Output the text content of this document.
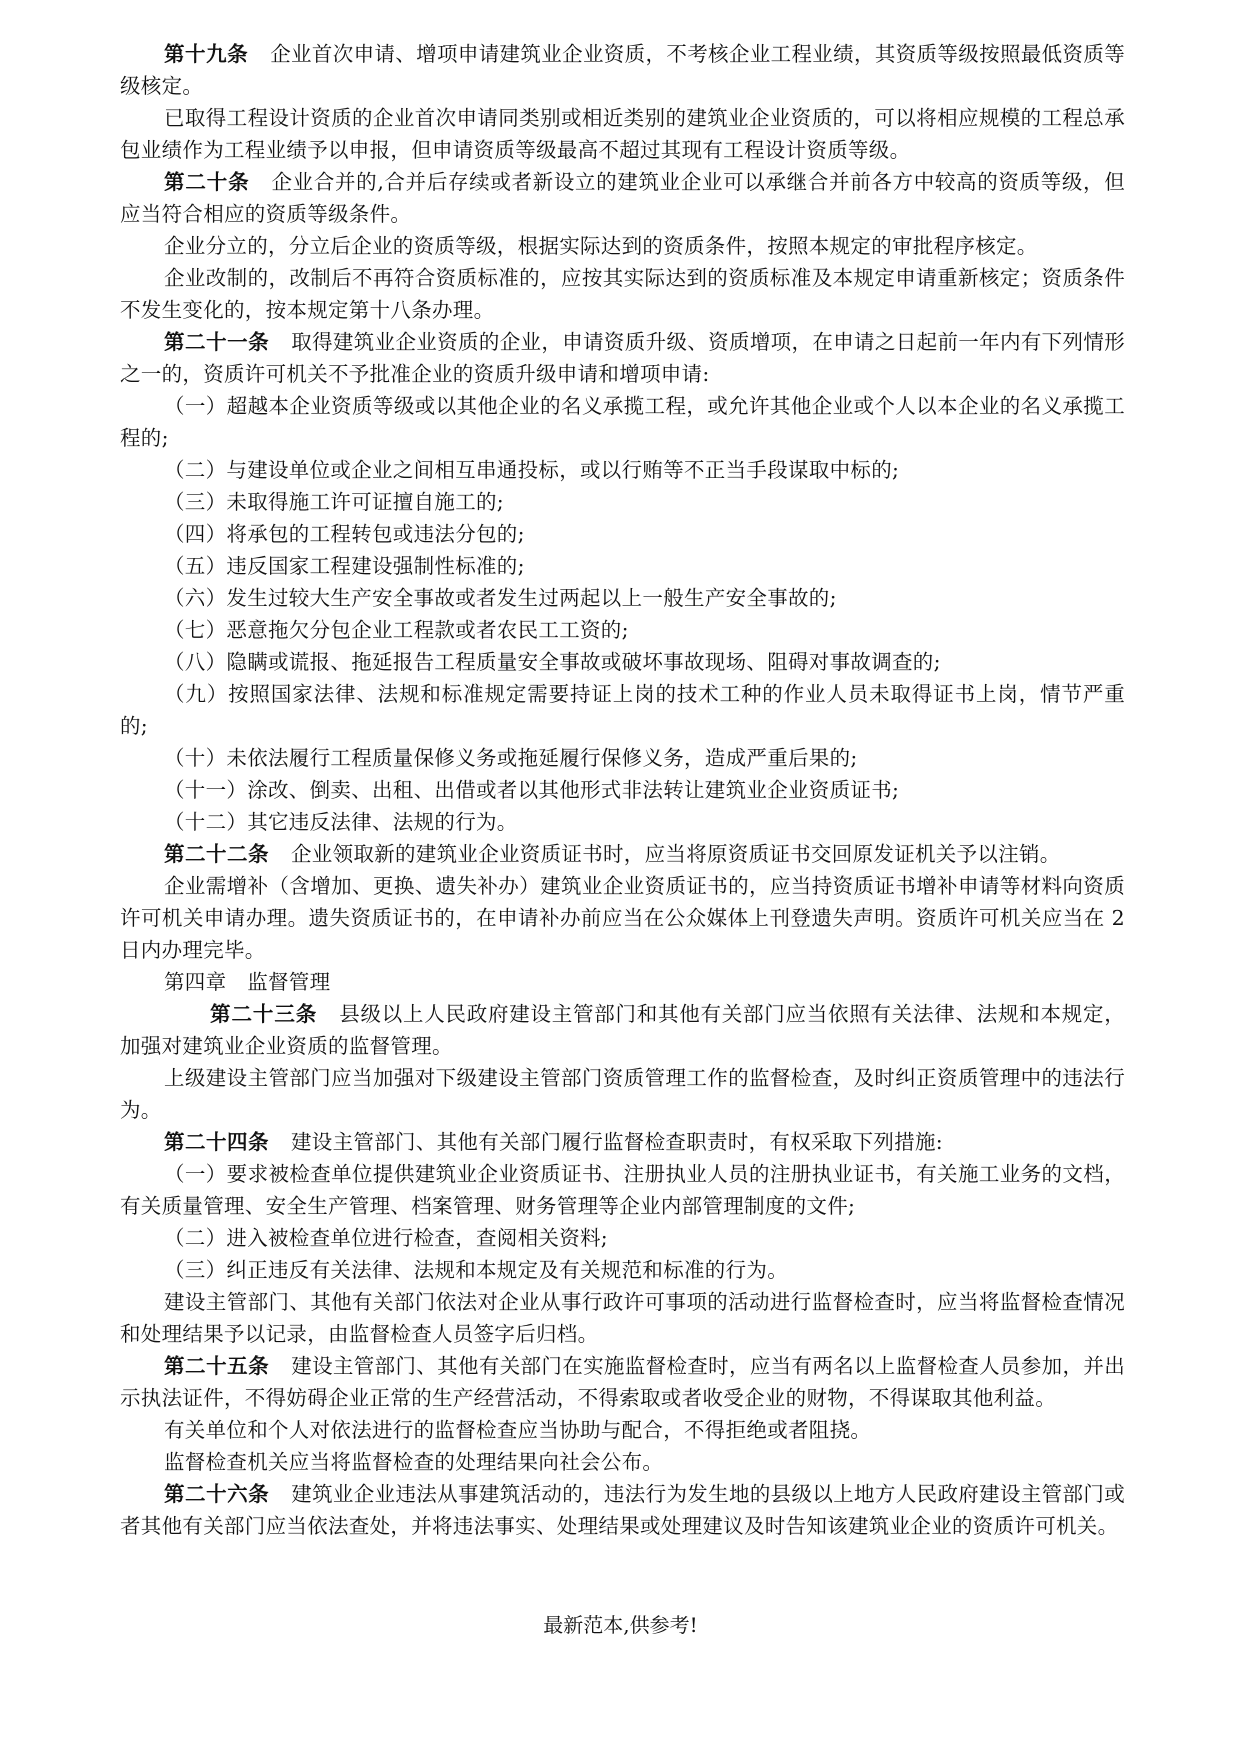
第十九条 企业首次申请、增项申请建筑业企业资质，不考核企业工程业绩，其资质等级按照最低资质等级核定。

已取得工程设计资质的企业首次申请同类别或相近类别的建筑业企业资质的，可以将相应规模的工程总承包业绩作为工程业绩予以申报，但申请资质等级最高不超过其现有工程设计资质等级。

第二十条 企业合并的,合并后存续或者新设立的建筑业企业可以承继合并前各方中较高的资质等级，但应当符合相应的资质等级条件。

企业分立的，分立后企业的资质等级，根据实际达到的资质条件，按照本规定的审批程序核定。

企业改制的，改制后不再符合资质标准的，应按其实际达到的资质标准及本规定申请重新核定；资质条件不发生变化的，按本规定第十八条办理。

第二十一条 取得建筑业企业资质的企业，申请资质升级、资质增项，在申请之日起前一年内有下列情形之一的，资质许可机关不予批准企业的资质升级申请和增项申请:

（一）超越本企业资质等级或以其他企业的名义承揽工程，或允许其他企业或个人以本企业的名义承揽工程的;

（二）与建设单位或企业之间相互串通投标，或以行贿等不正当手段谋取中标的;

（三）未取得施工许可证擅自施工的;

（四）将承包的工程转包或违法分包的;

（五）违反国家工程建设强制性标准的;

（六）发生过较大生产安全事故或者发生过两起以上一般生产安全事故的;

（七）恶意拖欠分包企业工程款或者农民工工资的;

（八）隐瞒或谎报、拖延报告工程质量安全事故或破坏事故现场、阻碍对事故调查的;

（九）按照国家法律、法规和标准规定需要持证上岗的技术工种的作业人员未取得证书上岗，情节严重的;

（十）未依法履行工程质量保修义务或拖延履行保修义务，造成严重后果的;

（十一）涂改、倒卖、出租、出借或者以其他形式非法转让建筑业企业资质证书;

（十二）其它违反法律、法规的行为。

第二十二条 企业领取新的建筑业企业资质证书时，应当将原资质证书交回原发证机关予以注销。

企业需增补（含增加、更换、遗失补办）建筑业企业资质证书的，应当持资质证书增补申请等材料向资质许可机关申请办理。遗失资质证书的，在申请补办前应当在公众媒体上刊登遗失声明。资质许可机关应当在 2 日内办理完毕。

第四章　监督管理

第二十三条 县级以上人民政府建设主管部门和其他有关部门应当依照有关法律、法规和本规定，加强对建筑业企业资质的监督管理。

上级建设主管部门应当加强对下级建设主管部门资质管理工作的监督检查，及时纠正资质管理中的违法行为。

第二十四条 建设主管部门、其他有关部门履行监督检查职责时，有权采取下列措施:

（一）要求被检查单位提供建筑业企业资质证书、注册执业人员的注册执业证书，有关施工业务的文档，有关质量管理、安全生产管理、档案管理、财务管理等企业内部管理制度的文件;

（二）进入被检查单位进行检查，查阅相关资料;

（三）纠正违反有关法律、法规和本规定及有关规范和标准的行为。

建设主管部门、其他有关部门依法对企业从事行政许可事项的活动进行监督检查时，应当将监督检查情况和处理结果予以记录，由监督检查人员签字后归档。

第二十五条 建设主管部门、其他有关部门在实施监督检查时，应当有两名以上监督检查人员参加，并出示执法证件，不得妨碍企业正常的生产经营活动，不得索取或者收受企业的财物，不得谋取其他利益。

有关单位和个人对依法进行的监督检查应当协助与配合，不得拒绝或者阻挠。

监督检查机关应当将监督检查的处理结果向社会公布。

第二十六条 建筑业企业违法从事建筑活动的，违法行为发生地的县级以上地方人民政府建设主管部门或者其他有关部门应当依法查处，并将违法事实、处理结果或处理建议及时告知该建筑业企业的资质许可机关。

最新范本,供参考!
